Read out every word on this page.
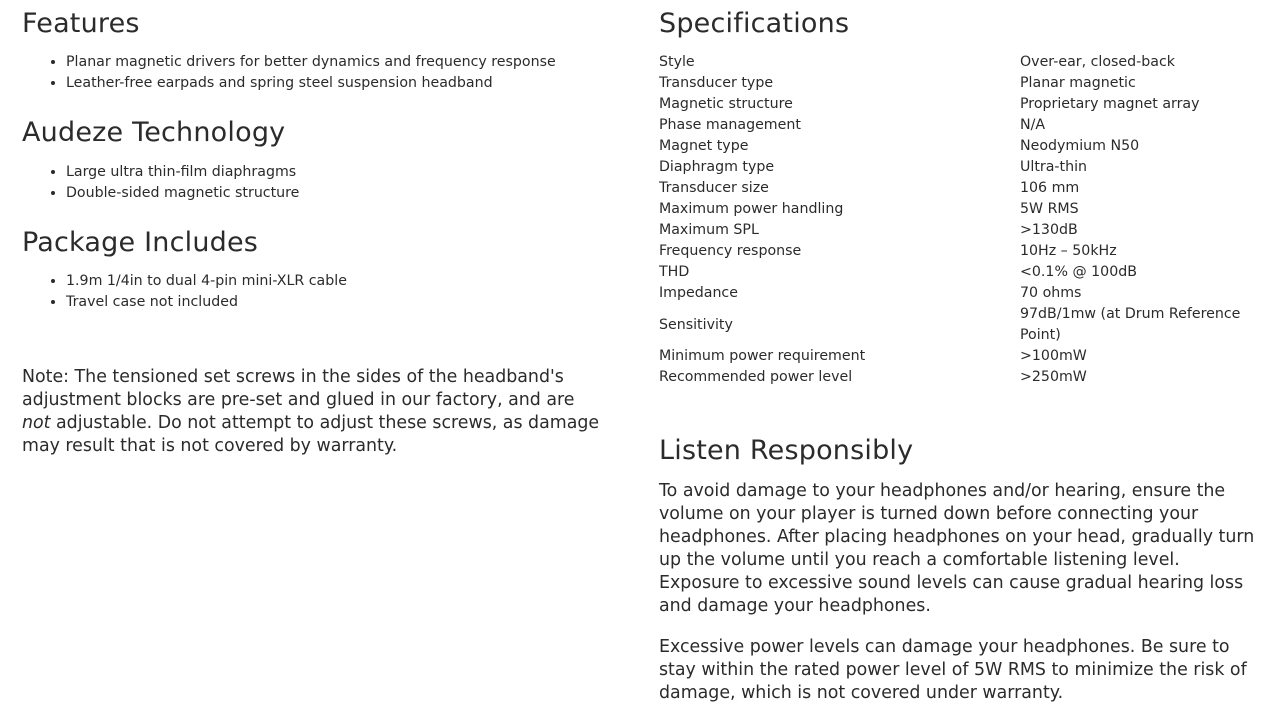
Features
• Planar magnetic drivers for better dynamics and frequency response
• Leather-free earpads and spring steel suspension headband
Audeze Technology
• Large ultra thin-film diaphragms
• Double-sided magnetic structure
Package Includes
• 1.9m 1/4in to dual 4-pin mini-XLR cable
• Travel case not included

Note: The tensioned set screws in the sides of the headband's adjustment blocks are pre-set and glued in our factory, and are not adjustable. Do not attempt to adjust these screws, as damage may result that is not covered by warranty.

Specifications
Style	Over-ear, closed-back
Transducer type	Planar magnetic
Magnetic structure	Proprietary magnet array
Phase management	N/A
Magnet type	Neodymium N50
Diaphragm type	Ultra-thin
Transducer size	106 mm
Maximum power handling	5W RMS
Maximum SPL	>130dB
Frequency response	10Hz – 50kHz
THD	<0.1% @ 100dB
Impedance	70 ohms
Sensitivity	97dB/1mw (at Drum Reference Point)
Minimum power requirement	>100mW
Recommended power level	>250mW
Listen Responsibly

To avoid damage to your headphones and/or hearing, ensure the volume on your player is turned down before connecting your headphones. After placing headphones on your head, gradually turn up the volume until you reach a comfortable listening level. Exposure to excessive sound levels can cause gradual hearing loss and damage your headphones.

Excessive power levels can damage your headphones. Be sure to stay within the rated power level of 5W RMS to minimize the risk of damage, which is not covered under warranty.
